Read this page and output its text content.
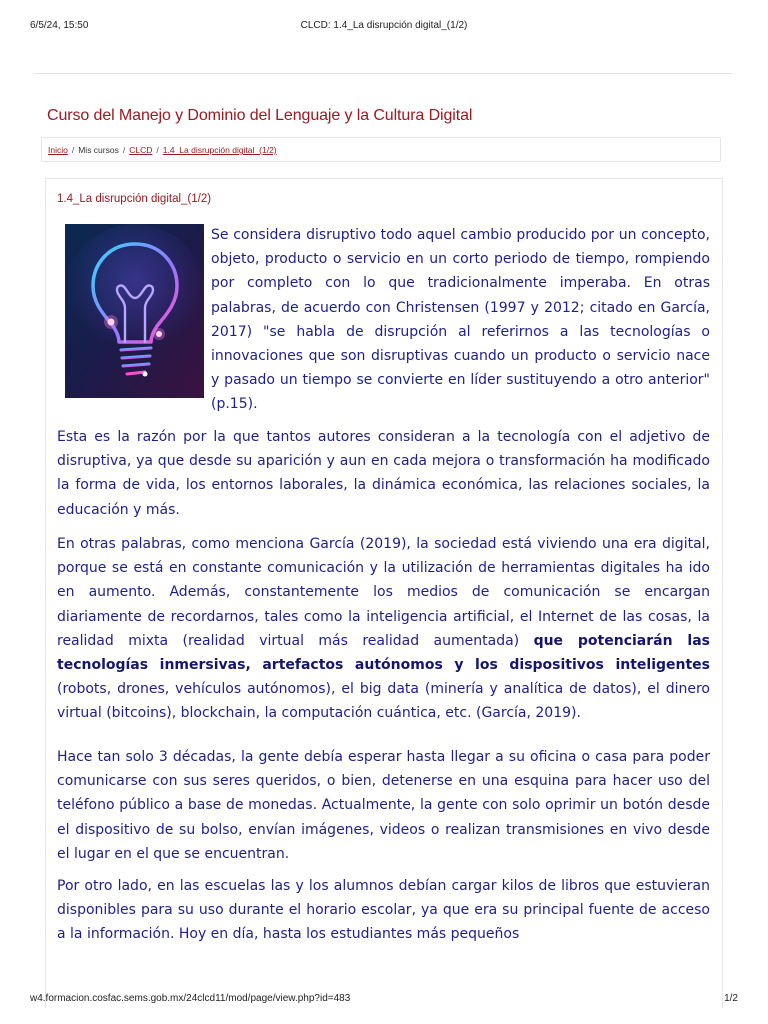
6/5/24, 15:50	CLCD: 1.4_La disrupción digital_(1/2)
Curso del Manejo y Dominio del Lenguaje y la Cultura Digital
Inicio / Mis cursos / CLCD / 1.4_La disrupción digital_(1/2)
1.4_La disrupción digital_(1/2)

Se considera disruptivo todo aquel cambio producido por un concepto, objeto, producto o servicio en un corto periodo de tiempo, rompiendo por completo con lo que tradicionalmente imperaba. En otras palabras, de acuerdo con Christensen (1997 y 2012; citado en García, 2017) "se habla de disrupción al referirnos a las tecnologías o innovaciones que son disruptivas cuando un producto o servicio nace y pasado un tiempo se convierte en líder sustituyendo a otro anterior" (p.15).

Esta es la razón por la que tantos autores consideran a la tecnología con el adjetivo de disruptiva, ya que desde su aparición y aun en cada mejora o transformación ha modificado la forma de vida, los entornos laborales, la dinámica económica, las relaciones sociales, la educación y más.

En otras palabras, como menciona García (2019), la sociedad está viviendo una era digital, porque se está en constante comunicación y la utilización de herramientas digitales ha ido en aumento. Además, constantemente los medios de comunicación se encargan diariamente de recordarnos, tales como la inteligencia artificial, el Internet de las cosas, la realidad mixta (realidad virtual más realidad aumentada) que potenciarán las tecnologías inmersivas, artefactos autónomos y los dispositivos inteligentes (robots, drones, vehículos autónomos), el big data (minería y analítica de datos), el dinero virtual (bitcoins), blockchain, la computación cuántica, etc. (García, 2019).

Hace tan solo 3 décadas, la gente debía esperar hasta llegar a su oficina o casa para poder comunicarse con sus seres queridos, o bien, detenerse en una esquina para hacer uso del teléfono público a base de monedas. Actualmente, la gente con solo oprimir un botón desde el dispositivo de su bolso, envían imágenes, videos o realizan transmisiones en vivo desde el lugar en el que se encuentran.

Por otro lado, en las escuelas las y los alumnos debían cargar kilos de libros que estuvieran disponibles para su uso durante el horario escolar, ya que era su principal fuente de acceso a la información. Hoy en día, hasta los estudiantes más pequeños

w4.formacion.cosfac.sems.gob.mx/24clcd11/mod/page/view.php?id=483	1/2
